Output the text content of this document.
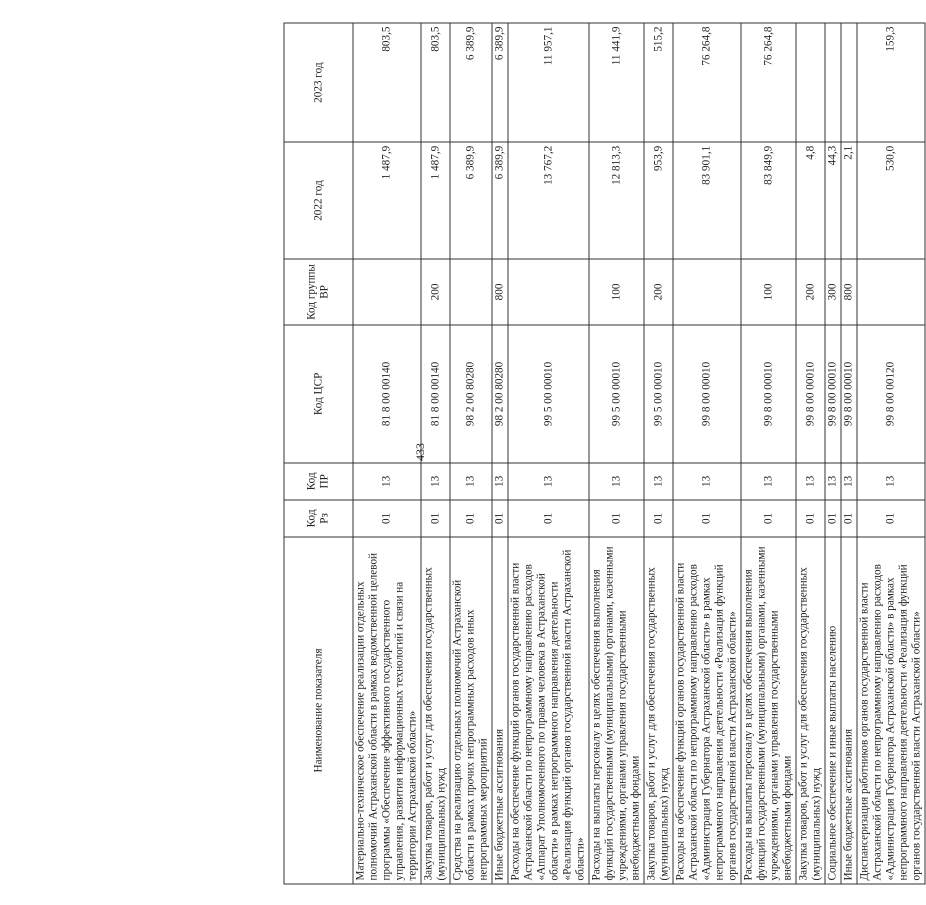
433
Наименование показателя	Код Рз	Код ПР	Код ЦСР	Код группы ВР	2022 год	2023 год
Материально-техническое обеспечение реализации отдельных полномочий Астраханской области в рамках ведомственной целевой программы «Обеспечение эффективного государственного управления, развития информационных технологий и связи на территории Астраханской области»	01	13	81 8 00 00140		1 487,9	803,5
Закупка товаров, работ и услуг для обеспечения государственных (муниципальных) нужд	01	13	81 8 00 00140	200	1 487,9	803,5
Средства на реализацию отдельных полномочий Астраханской области в рамках прочих непрограммных расходов иных непрограммных мероприятий	01	13	98 2 00 80280		6 389,9	6 389,9
Иные бюджетные ассигнования	01	13	98 2 00 80280	800	6 389,9	6 389,9
Расходы на обеспечение функций органов государственной власти Астраханской области по непрограммному направлению расходов «Аппарат Уполномоченного по правам человека в Астраханской области» в рамках непрограммного направления деятельности «Реализация функций органов государственной власти Астраханской области»	01	13	99 5 00 00010		13 767,2	11 957,1
Расходы на выплаты персоналу в целях обеспечения выполнения функций государственными (муниципальными) органами, казенными учреждениями, органами управления государственными внебюджетными фондами	01	13	99 5 00 00010	100	12 813,3	11 441,9
Закупка товаров, работ и услуг для обеспечения государственных (муниципальных) нужд	01	13	99 5 00 00010	200	953,9	515,2
Расходы на обеспечение функций органов государственной власти Астраханской области по непрограммному направлению расходов «Администрация Губернатора Астраханской области» в рамках непрограммного направления деятельности «Реализация функций органов государственной власти Астраханской области»	01	13	99 8 00 00010		83 901,1	76 264,8
Расходы на выплаты персоналу в целях обеспечения выполнения функций государственными (муниципальными) органами, казенными учреждениями, органами управления государственными внебюджетными фондами	01	13	99 8 00 00010	100	83 849,9	76 264,8
Закупка товаров, работ и услуг для обеспечения государственных (муниципальных) нужд	01	13	99 8 00 00010	200	4,8	
Социальное обеспечение и иные выплаты населению	01	13	99 8 00 00010	300	44,3	
Иные бюджетные ассигнования	01	13	99 8 00 00010	800	2,1	
Диспансеризация работников органов государственной власти Астраханской области по непрограммному направлению расходов «Администрация Губернатора Астраханской области» в рамках непрограммного направления деятельности «Реализация функций органов государственной власти Астраханской области»	01	13	99 8 00 00120		530,0	159,3
